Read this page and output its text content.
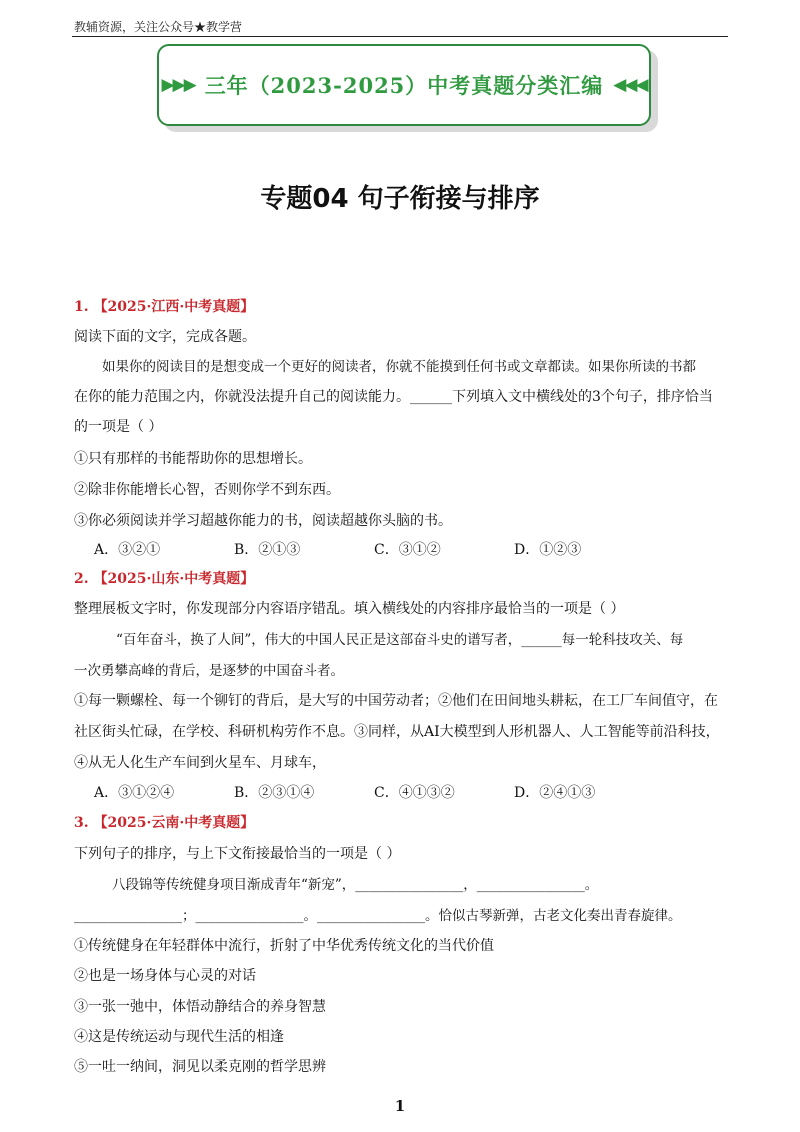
教辅资源，关注公众号★教学营
▶▶▶ 三年（2023-2025）中考真题分类汇编 ◀◀◀
专题04 句子衔接与排序
1. 【2025·江西·中考真题】
阅读下面的文字，完成各题。
如果你的阅读目的是想变成一个更好的阅读者，你就不能摸到任何书或文章都读。如果你所读的书都
在你的能力范围之内，你就没法提升自己的阅读能力。______下列填入文中横线处的3个句子，排序恰当
的一项是（ ）
①只有那样的书能帮助你的思想增长。
②除非你能增长心智，否则你学不到东西。
③你必须阅读并学习超越你能力的书，阅读超越你头脑的书。
A．③②①	B．②①③	C．③①②	D．①②③
2. 【2025·山东·中考真题】
整理展板文字时，你发现部分内容语序错乱。填入横线处的内容排序最恰当的一项是（ ）
“百年奋斗，换了人间”，伟大的中国人民正是这部奋斗史的谱写者，______每一轮科技攻关、每
一次勇攀高峰的背后，是逐梦的中国奋斗者。
①每一颗螺栓、每一个铆钉的背后，是大写的中国劳动者；②他们在田间地头耕耘，在工厂车间值守，在
社区街头忙碌，在学校、科研机构劳作不息。③同样，从AI大模型到人形机器人、人工智能等前沿科技，
④从无人化生产车间到火星车、月球车，
A．③①②④	B．②③①④	C．④①③②	D．②④①③
3. 【2025·云南·中考真题】
下列句子的排序，与上下文衔接最恰当的一项是（ ）
八段锦等传统健身项目渐成青年“新宠”，________________，________________。
________________；________________。________________。恰似古琴新弹，古老文化奏出青春旋律。
①传统健身在年轻群体中流行，折射了中华优秀传统文化的当代价值
②也是一场身体与心灵的对话
③一张一弛中，体悟动静结合的养身智慧
④这是传统运动与现代生活的相逢
⑤一吐一纳间，洞见以柔克刚的哲学思辨
1
